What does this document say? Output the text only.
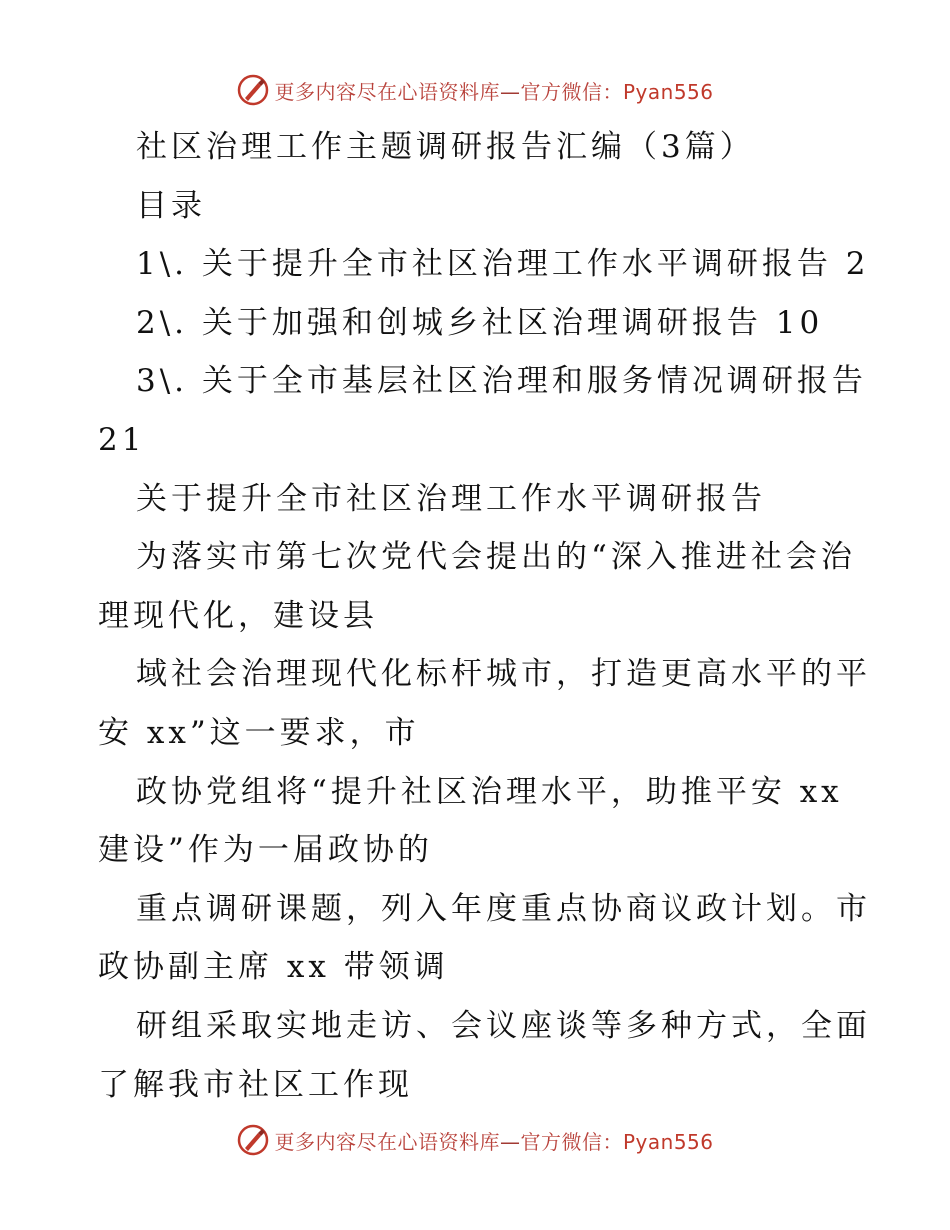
更多内容尽在心语资料库—官方微信：Pyan556
社区治理工作主题调研报告汇编（3篇）
目录
1\. 关于提升全市社区治理工作水平调研报告 2
2\. 关于加强和创城乡社区治理调研报告 10
3\. 关于全市基层社区治理和服务情况调研报告
21
关于提升全市社区治理工作水平调研报告
为落实市第七次党代会提出的“深入推进社会治
理现代化，建设县
域社会治理现代化标杆城市，打造更高水平的平
安 xx”这一要求，市
政协党组将“提升社区治理水平，助推平安 xx
建设”作为一届政协的
重点调研课题，列入年度重点协商议政计划。市
政协副主席 xx 带领调
研组采取实地走访、会议座谈等多种方式，全面
了解我市社区工作现
更多内容尽在心语资料库—官方微信：Pyan556
